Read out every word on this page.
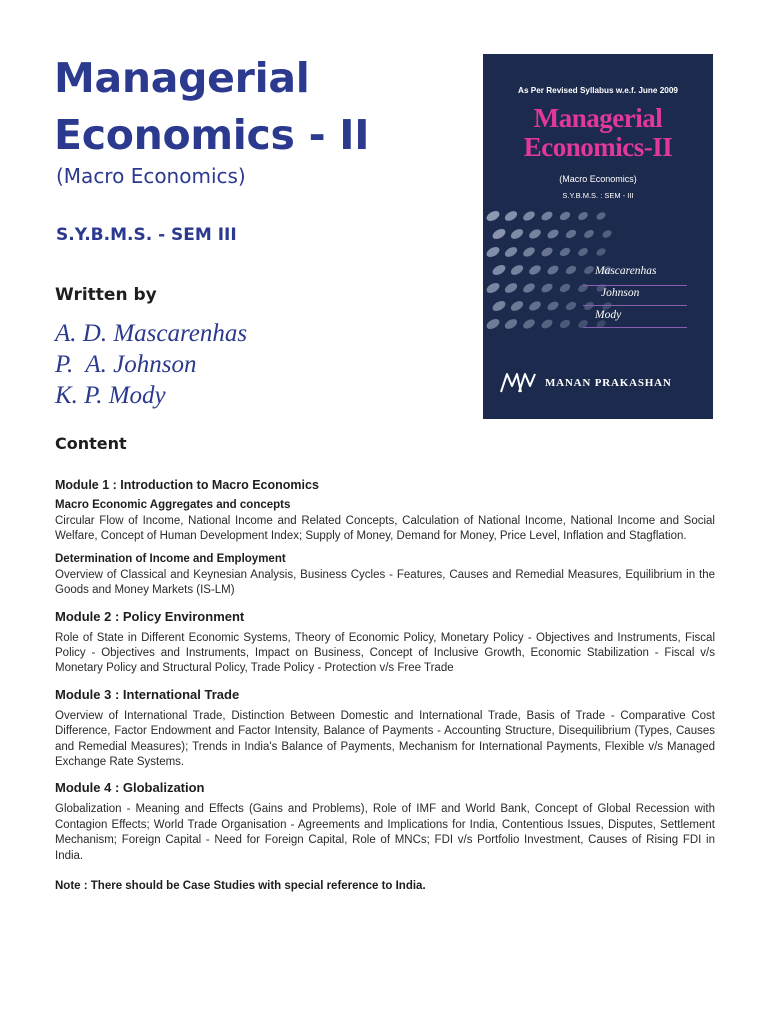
Managerial
Economics - II
(Macro Economics)
S.Y.B.M.S. - SEM III
Written by
A. D. Mascarenhas
P.  A. Johnson
K. P. Mody
As Per Revised Syllabus w.e.f. June 2009
Managerial
Economics-II
(Macro Economics)
S.Y.B.M.S. : SEM - III
Mascarenhas
Johnson
Mody
MANAN PRAKASHAN
Content
Module 1 : Introduction to Macro Economics
Macro Economic Aggregates and concepts

Circular Flow of Income, National Income and Related Concepts, Calculation of National Income, National Income and Social Welfare, Concept of Human Development Index; Supply of Money, Demand for Money, Price Level, Inflation and Stagflation.

Determination of Income and Employment

Overview of Classical and Keynesian Analysis, Business Cycles - Features, Causes and Remedial Measures, Equilibrium in the Goods and Money Markets (IS-LM)

Module 2 : Policy Environment

Role of State in Different Economic Systems, Theory of Economic Policy, Monetary Policy - Objectives and Instruments, Fiscal Policy - Objectives and Instruments, Impact on Business, Concept of Inclusive Growth, Economic Stabilization - Fiscal v/s Monetary Policy and Structural Policy, Trade Policy - Protection v/s Free Trade

Module 3 : International Trade

Overview of International Trade, Distinction Between Domestic and International Trade, Basis of Trade - Comparative Cost Difference, Factor Endowment and Factor Intensity, Balance of Payments - Accounting Structure, Disequilibrium (Types, Causes and Remedial Measures); Trends in India's Balance of Payments, Mechanism for International Payments, Flexible v/s Managed Exchange Rate Systems.

Module 4 : Globalization

Globalization - Meaning and Effects (Gains and Problems), Role of IMF and World Bank, Concept of Global Recession with Contagion Effects; World Trade Organisation - Agreements and Implications for India, Contentious Issues, Disputes, Settlement Mechanism; Foreign Capital - Need for Foreign Capital, Role of MNCs; FDI v/s Portfolio Investment, Causes of Rising FDI in India.

Note : There should be Case Studies with special reference to India.
